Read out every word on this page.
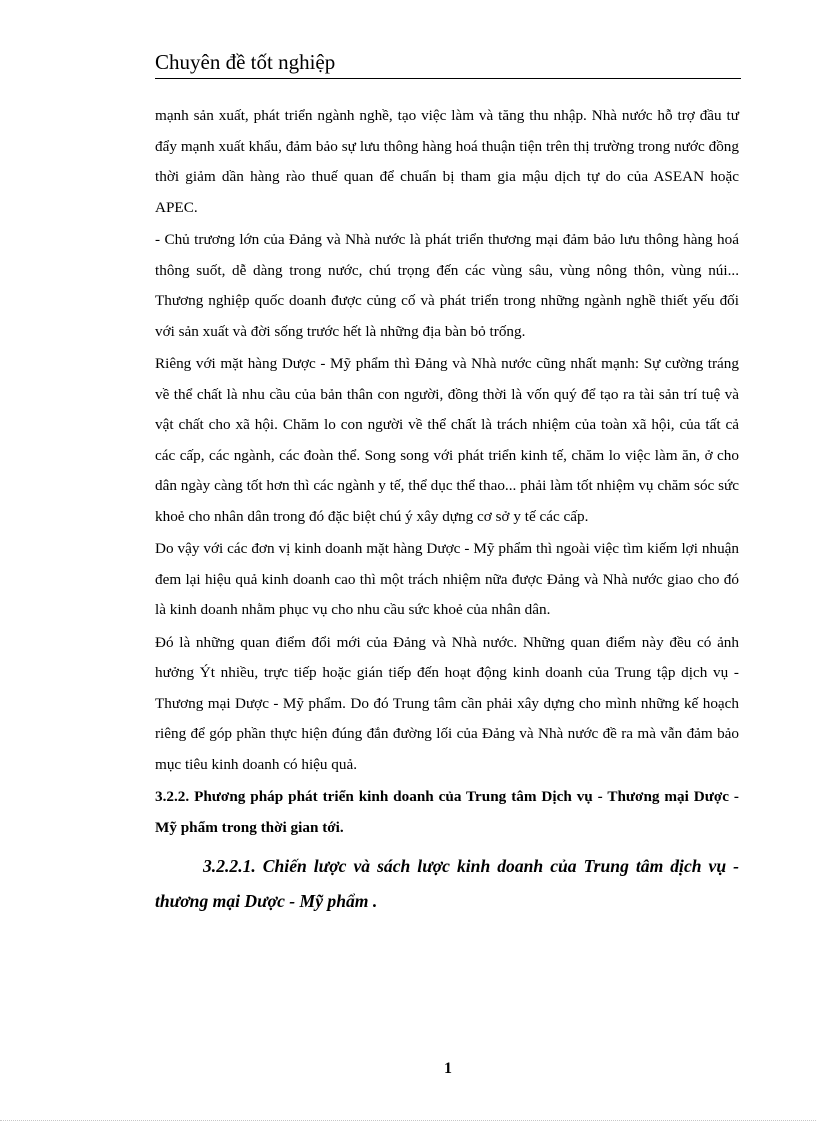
Chuyên đề tốt nghiệp

mạnh sản xuất, phát triển ngành nghề, tạo việc làm và tăng thu nhập. Nhà nước hỗ trợ đầu tư đẩy mạnh xuất khẩu, đảm bảo sự lưu thông hàng hoá thuận tiện trên thị trường trong nước đồng thời giảm dần hàng rào thuế quan để chuẩn bị tham gia mậu dịch tự do của ASEAN hoặc APEC.

- Chủ trương lớn của Đảng và Nhà nước là phát triển thương mại đảm bảo lưu thông hàng hoá thông suốt, dễ dàng trong nước, chú trọng đến các vùng sâu, vùng nông thôn, vùng núi... Thương nghiệp quốc doanh được củng cố và phát triển trong những ngành nghề thiết yếu đối với sản xuất và đời sống trước hết là những địa bàn bỏ trống.

Riêng với mặt hàng Dược - Mỹ phẩm thì Đảng và Nhà nước cũng nhất mạnh: Sự cường tráng về thể chất là nhu cầu của bản thân con người, đồng thời là vốn quý để tạo ra tài sản trí tuệ và vật chất cho xã hội. Chăm lo con người về thể chất là trách nhiệm của toàn xã hội, của tất cả các cấp, các ngành, các đoàn thể. Song song với phát triển kinh tế, chăm lo việc làm ăn, ở cho dân ngày càng tốt hơn thì các ngành y tế, thể dục thể thao... phải làm tốt nhiệm vụ chăm sóc sức khoẻ cho nhân dân trong đó đặc biệt chú ý xây dựng cơ sở y tế các cấp.

Do vậy với các đơn vị kinh doanh mặt hàng Dược - Mỹ phẩm thì ngoài việc tìm kiếm lợi nhuận đem lại hiệu quả kinh doanh cao thì một trách nhiệm nữa được Đảng và Nhà nước giao cho đó là kinh doanh nhằm phục vụ cho nhu cầu sức khoẻ của nhân dân.

Đó là những quan điểm đổi mới của Đảng và Nhà nước. Những quan điểm này đều có ảnh hưởng Ýt nhiều, trực tiếp hoặc gián tiếp đến hoạt động kinh doanh của Trung tập dịch vụ - Thương mại Dược - Mỹ phẩm. Do đó Trung tâm cần phải xây dựng cho mình những kế hoạch riêng để góp phần thực hiện đúng đắn đường lối của Đảng và Nhà nước đề ra mà vẫn đảm bảo mục tiêu kinh doanh có hiệu quả.

3.2.2. Phương pháp phát triển kinh doanh của Trung tâm Dịch vụ - Thương mại Dược - Mỹ phẩm trong thời gian tới.

3.2.2.1. Chiến lược và sách lược kinh doanh của Trung tâm dịch vụ - thương mại Dược - Mỹ phẩm .

1
